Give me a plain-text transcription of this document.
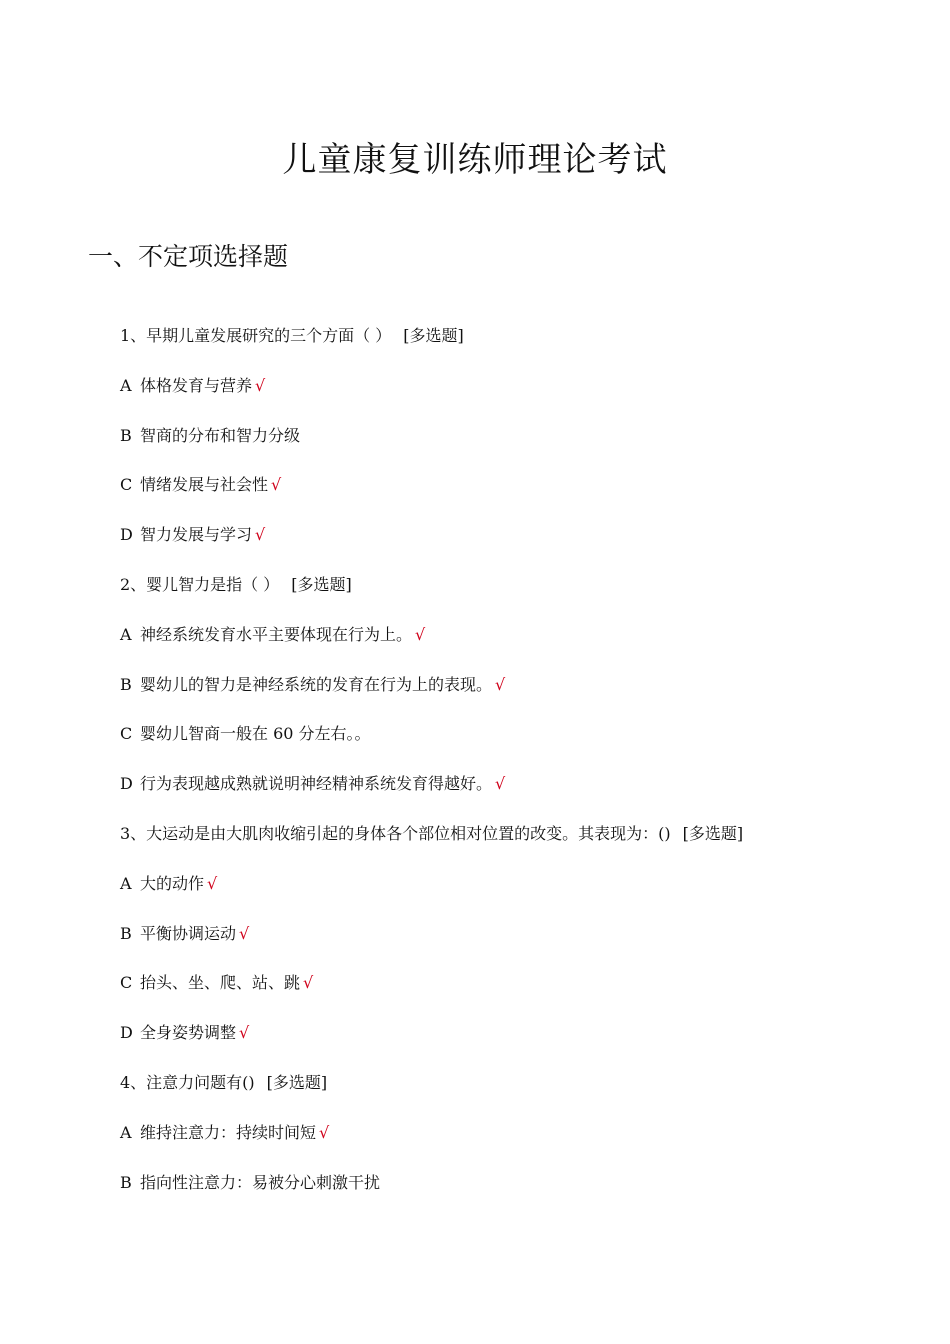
儿童康复训练师理论考试
一、不定项选择题
1、早期儿童发展研究的三个方面（ ） [多选题]
A 体格发育与营养 √
B 智商的分布和智力分级
C 情绪发展与社会性 √
D 智力发展与学习 √
2、婴儿智力是指（ ） [多选题]
A 神经系统发育水平主要体现在行为上。 √
B 婴幼儿的智力是神经系统的发育在行为上的表现。 √
C 婴幼儿智商一般在 60 分左右。。
D 行为表现越成熟就说明神经精神系统发育得越好。 √
3、大运动是由大肌肉收缩引起的身体各个部位相对位置的改变。其表现为：() [多选题]
A 大的动作 √
B 平衡协调运动 √
C 抬头、坐、爬、站、跳 √
D 全身姿势调整 √
4、注意力问题有() [多选题]
A 维持注意力：持续时间短 √
B 指向性注意力：易被分心刺激干扰
